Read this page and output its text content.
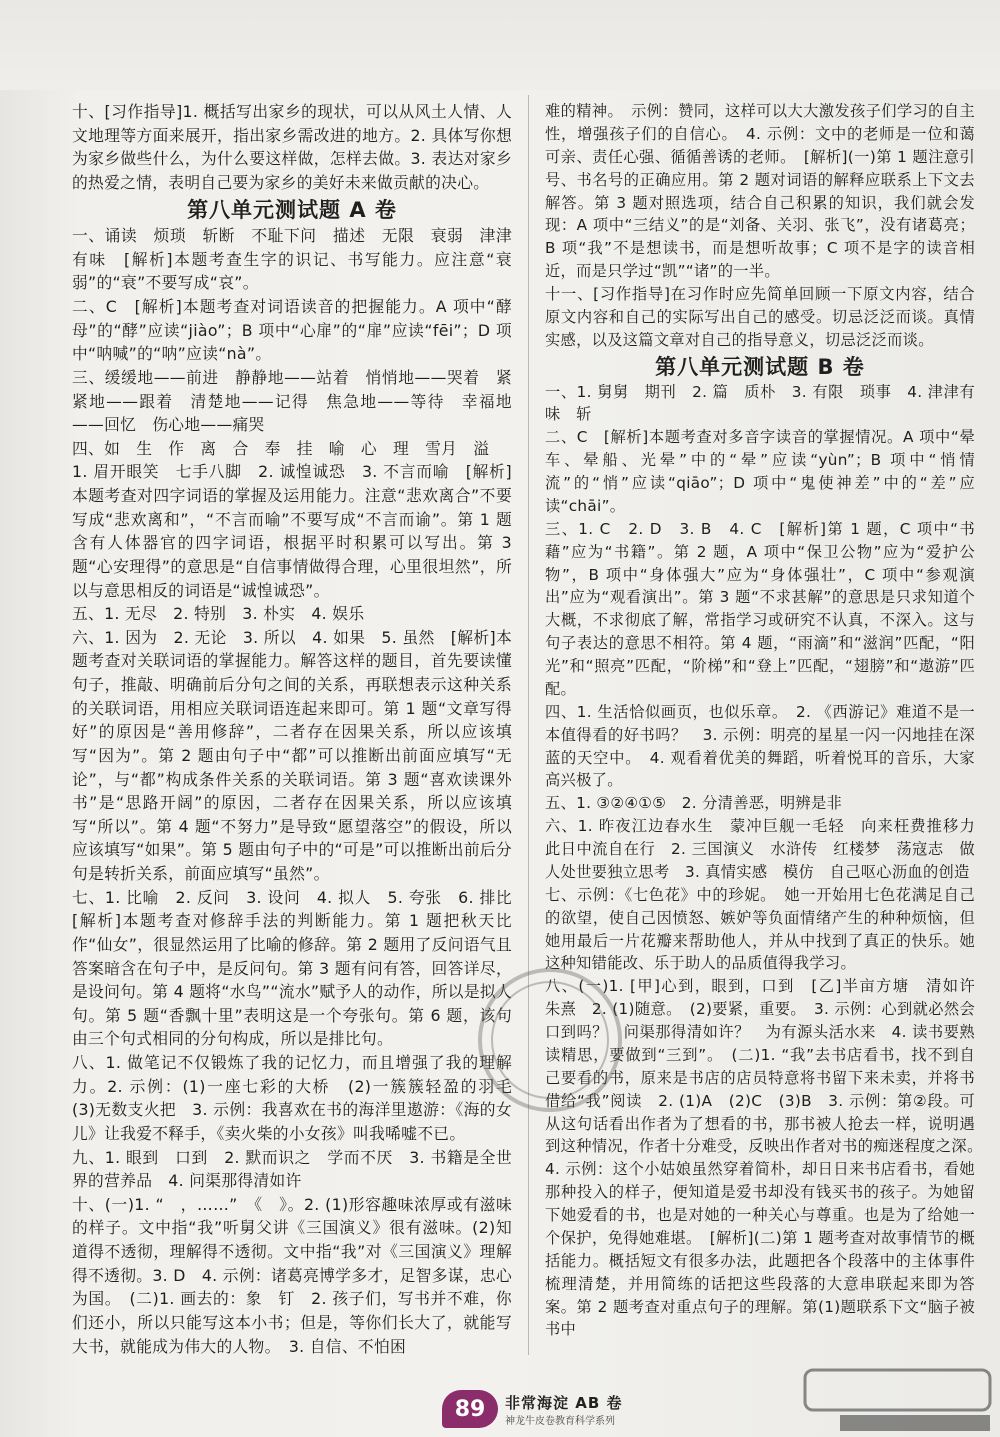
十、[习作指导]1. 概括写出家乡的现状，可以从风土人情、人文地理等方面来展开，指出家乡需改进的地方。2. 具体写你想为家乡做些什么，为什么要这样做，怎样去做。3. 表达对家乡的热爱之情，表明自己要为家乡的美好未来做贡献的决心。

第八单元测试题 A 卷

一、诵读　烦琐　斩断　不耻下问　描述　无限　衰弱　津津有味　[解析]本题考查生字的识记、书写能力。应注意“衰弱”的“衰”不要写成“哀”。

二、C　[解析]本题考查对词语读音的把握能力。A 项中“酵母”的“酵”应读“jiào”；B 项中“心扉”的“扉”应读“fēi”；D 项中“呐喊”的“呐”应读“nà”。

三、缓缓地——前进　静静地——站着　悄悄地——哭着　紧紧地——跟着　清楚地——记得　焦急地——等待　幸福地——回忆　伤心地——痛哭

四、如　生　作　离　合　奉　挂　喻　心　理　雪月　溢

1. 眉开眼笑　七手八脚　2. 诚惶诚恐　3. 不言而喻　[解析]本题考查对四字词语的掌握及运用能力。注意“悲欢离合”不要写成“悲欢离和”，“不言而喻”不要写成“不言而谕”。第 1 题含有人体器官的四字词语，根据平时积累可以写出。第 3 题“心安理得”的意思是“自信事情做得合理，心里很坦然”，所以与意思相反的词语是“诚惶诚恐”。

五、1. 无尽　2. 特别　3. 朴实　4. 娱乐

六、1. 因为　2. 无论　3. 所以　4. 如果　5. 虽然　[解析]本题考查对关联词语的掌握能力。解答这样的题目，首先要读懂句子，推敲、明确前后分句之间的关系，再联想表示这种关系的关联词语，用相应关联词语连起来即可。第 1 题“文章写得好”的原因是“善用修辞”，二者存在因果关系，所以应该填写“因为”。第 2 题由句子中“都”可以推断出前面应填写“无论”，与“都”构成条件关系的关联词语。第 3 题“喜欢读课外书”是“思路开阔”的原因，二者存在因果关系，所以应该填写“所以”。第 4 题“不努力”是导致“愿望落空”的假设，所以应该填写“如果”。第 5 题由句子中的“可是”可以推断出前后分句是转折关系，前面应填写“虽然”。

七、1. 比喻　2. 反问　3. 设问　4. 拟人　5. 夸张　6. 排比　[解析]本题考查对修辞手法的判断能力。第 1 题把秋天比作“仙女”，很显然运用了比喻的修辞。第 2 题用了反问语气且答案暗含在句子中，是反问句。第 3 题有问有答，回答详尽，是设问句。第 4 题将“水鸟”“流水”赋予人的动作，所以是拟人句。第 5 题“香飘十里”表明这是一个夸张句。第 6 题，该句由三个句式相同的分句构成，所以是排比句。

八、1. 做笔记不仅锻炼了我的记忆力，而且增强了我的理解力。2. 示例：(1)一座七彩的大桥　(2)一簇簇轻盈的羽毛　(3)无数支火把　3. 示例：我喜欢在书的海洋里遨游：《海的女儿》让我爱不释手，《卖火柴的小女孩》叫我唏嘘不已。

九、1. 眼到　口到　2. 默而识之　学而不厌　3. 书籍是全世界的营养品　4. 问渠那得清如许

十、(一)1. “　，……”　《　》。2. (1)形容趣味浓厚或有滋味的样子。文中指“我”听舅父讲《三国演义》很有滋味。(2)知道得不透彻，理解得不透彻。文中指“我”对《三国演义》理解得不透彻。3. D　4. 示例：诸葛亮博学多才，足智多谋，忠心为国。　(二)1. 画去的：象　钉　2. 孩子们，写书并不难，你们还小，所以只能写这本小书；但是，等你们长大了，就能写大书，就能成为伟大的人物。　3. 自信、不怕困

难的精神。　示例：赞同，这样可以大大激发孩子们学习的自主性，增强孩子们的自信心。　4. 示例：文中的老师是一位和蔼可亲、责任心强、循循善诱的老师。　[解析](一)第 1 题注意引号、书名号的正确应用。第 2 题对词语的解释应联系上下文去解答。第 3 题对照选项，结合自己积累的知识，我们就会发现：A 项中“三结义”的是“刘备、关羽、张飞”，没有诸葛亮；B 项“我”不是想读书，而是想听故事；C 项不是字的读音相近，而是只学过“凯”“诸”的一半。

十一、[习作指导]在习作时应先简单回顾一下原文内容，结合原文内容和自己的实际写出自己的感受。切忌泛泛而谈。真情实感，以及这篇文章对自己的指导意义，切忌泛泛而谈。

第八单元测试题 B 卷

一、1. 舅舅　期刊　2. 篇　质朴　3. 有限　琐事　4. 津津有味　斩

二、C　[解析]本题考查对多音字读音的掌握情况。A 项中“晕车、晕船、光晕”中的“晕”应读“yùn”；B 项中“悄情流”的“悄”应读“qiāo”；D 项中“鬼使神差”中的“差”应读“chāi”。

三、1. C　2. D　3. B　4. C　[解析]第 1 题，C 项中“书藉”应为“书籍”。第 2 题，A 项中“保卫公物”应为“爱护公物”，B 项中“身体强大”应为“身体强壮”，C 项中“参观演出”应为“观看演出”。第 3 题“不求甚解”的意思是只求知道个大概，不求彻底了解，常指学习或研究不认真，不深入。这与句子表达的意思不相符。第 4 题，“雨滴”和“滋润”匹配，“阳光”和“照亮”匹配，“阶梯”和“登上”匹配，“翅膀”和“遨游”匹配。

四、1. 生活恰似画页，也似乐章。　2. 《西游记》难道不是一本值得看的好书吗？　3. 示例：明亮的星星一闪一闪地挂在深蓝的天空中。　4. 观看着优美的舞蹈，听着悦耳的音乐，大家高兴极了。

五、1. ③②④①⑤　2. 分清善恶，明辨是非

六、1. 昨夜江边春水生　蒙冲巨舰一毛轻　向来枉费推移力　此日中流自在行　2. 三国演义　水浒传　红楼梦　荡寇志　做人处世要独立思考　3. 真情实感　模仿　自己呕心沥血的创造

七、示例：《七色花》中的珍妮。　她一开始用七色花满足自己的欲望，使自己因愤怒、嫉妒等负面情绪产生的种种烦恼，但她用最后一片花瓣来帮助他人，并从中找到了真正的快乐。她这种知错能改、乐于助人的品质值得我学习。

八、(一)1. [甲]心到，眼到，口到　[乙]半亩方塘　清如许　朱熹　2. (1)随意。　(2)要紧，重要。　3. 示例：心到就必然会口到吗？　问渠那得清如许？　为有源头活水来　4. 读书要熟读精思，要做到“三到”。　(二)1. “我”去书店看书，找不到自己要看的书，原来是书店的店员特意将书留下来未卖，并将书借给“我”阅读　2. (1)A　(2)C　(3)B　3. 示例：第②段。可从这句话看出作者为了想看的书，那书被人抢去一样，说明遇到这种情况，作者十分难受，反映出作者对书的痴迷程度之深。　4. 示例：这个小姑娘虽然穿着简朴，却日日来书店看书，看她那种投入的样子，便知道是爱书却没有钱买书的孩子。为她留下她爱看的书，也是对她的一种关心与尊重。也是为了给她一个保护，免得她难堪。　[解析](二)第 1 题考查对故事情节的概括能力。概括短文有很多办法，此题把各个段落中的主体事件梳理清楚，并用简练的话把这些段落的大意串联起来即为答案。第 2 题考查对重点句子的理解。第(1)题联系下文“脑子被书中

89	非常海淀 AB 卷
神龙牛皮卷教育科学系列
